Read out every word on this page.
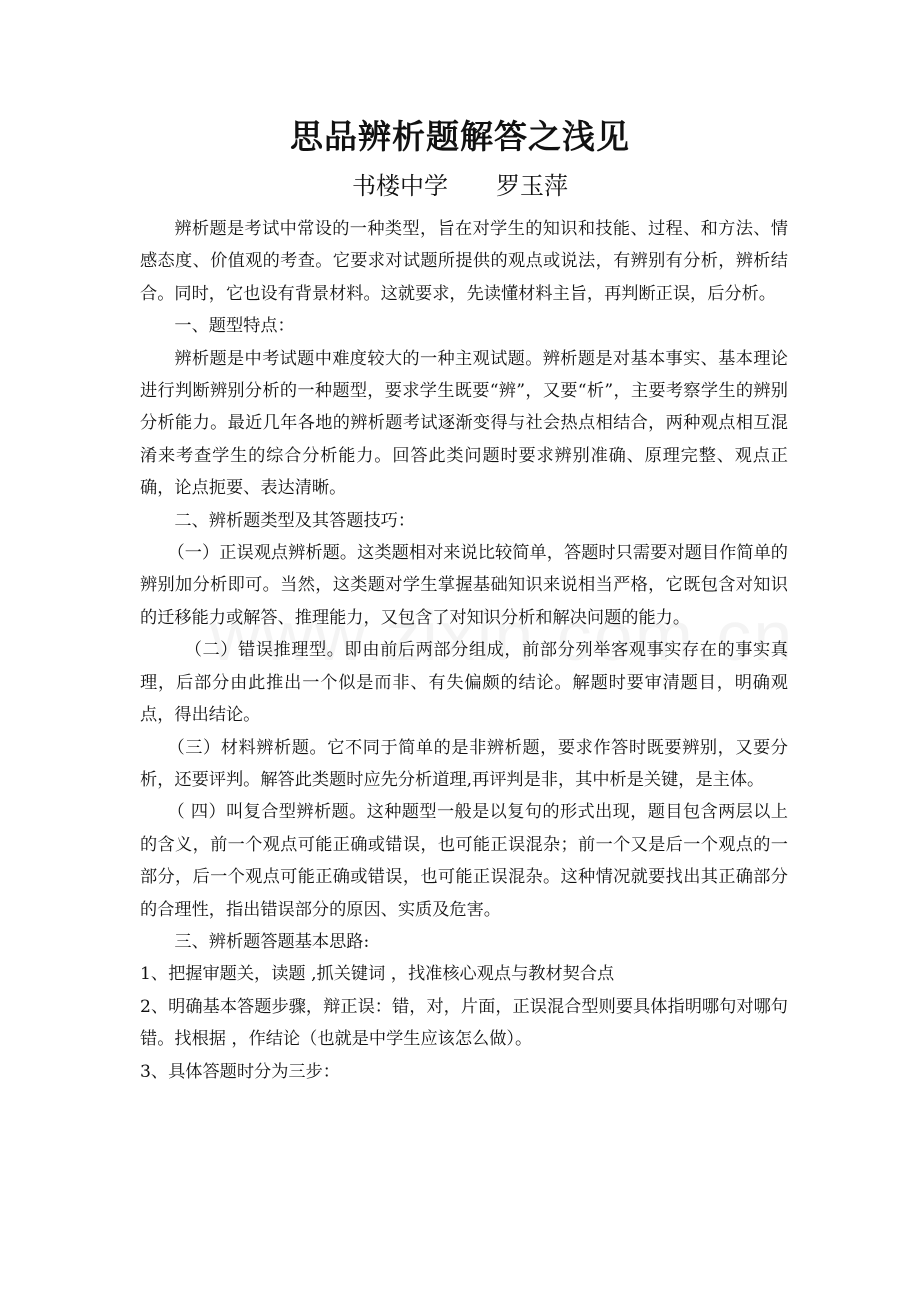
思品辨析题解答之浅见
书楼中学　　罗玉萍

辨析题是考试中常设的一种类型，旨在对学生的知识和技能、过程、和方法、情感态度、价值观的考查。它要求对试题所提供的观点或说法，有辨别有分析，辨析结合。同时，它也设有背景材料。这就要求，先读懂材料主旨，再判断正误，后分析。

一、题型特点：

辨析题是中考试题中难度较大的一种主观试题。辨析题是对基本事实、基本理论进行判断辨别分析的一种题型，要求学生既要“辨”，又要“析”，主要考察学生的辨别分析能力。最近几年各地的辨析题考试逐渐变得与社会热点相结合，两种观点相互混淆来考查学生的综合分析能力。回答此类问题时要求辨别准确、原理完整、观点正确，论点扼要、表达清晰。

二、辨析题类型及其答题技巧：

（一）正误观点辨析题。这类题相对来说比较简单，答题时只需要对题目作简单的辨别加分析即可。当然，这类题对学生掌握基础知识来说相当严格，它既包含对知识的迁移能力或解答、推理能力，又包含了对知识分析和解决问题的能力。

（二）错误推理型。即由前后两部分组成，前部分列举客观事实存在的事实真理，后部分由此推出一个似是而非、有失偏颇的结论。解题时要审清题目，明确观点，得出结论。

（三）材料辨析题。它不同于简单的是非辨析题，要求作答时既要辨别，又要分析，还要评判。解答此类题时应先分析道理,再评判是非，其中析是关键，是主体。

（ 四）叫复合型辨析题。这种题型一般是以复句的形式出现，题目包含两层以上的含义，前一个观点可能正确或错误，也可能正误混杂；前一个又是后一个观点的一部分，后一个观点可能正确或错误，也可能正误混杂。这种情况就要找出其正确部分的合理性，指出错误部分的原因、实质及危害。

三、辨析题答题基本思路:

1、把握审题关，读题 ,抓关键词 ，找准核心观点与教材契合点

2、明确基本答题步骤，辩正误：错，对，片面，正误混合型则要具体指明哪句对哪句错。找根据 ，作结论（也就是中学生应该怎么做）。

3、具体答题时分为三步：
